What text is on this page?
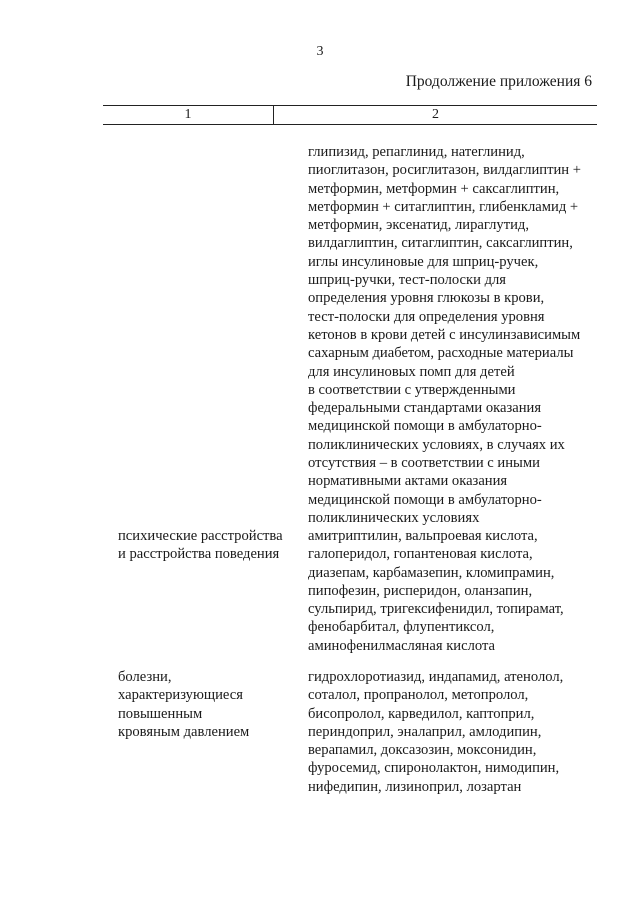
3
Продолжение приложения 6
1	2
глипизид, репаглинид, натеглинид,
пиоглитазон, росиглитазон, вилдаглиптин +
метформин, метформин + саксаглиптин,
метформин + ситаглиптин, глибенкламид +
метформин, эксенатид, лираглутид,
вилдаглиптин, ситаглиптин, саксаглиптин,
иглы инсулиновые для шприц-ручек,
шприц-ручки, тест-полоски для
определения уровня глюкозы в крови,
тест-полоски для определения уровня
кетонов в крови детей с инсулинзависимым
сахарным диабетом, расходные материалы
для инсулиновых помп для детей
в соответствии с утвержденными
федеральными стандартами оказания
медицинской помощи в амбулаторно-
поликлинических условиях, в случаях их
отсутствия – в соответствии с иными
нормативными актами оказания
медицинской помощи в амбулаторно-
поликлинических условиях
психические расстройства
и расстройства поведения
амитриптилин, вальпроевая кислота,
галоперидол, гопантеновая кислота,
диазепам, карбамазепин, кломипрамин,
пипофезин, рисперидон, оланзапин,
сульпирид, тригексифенидил, топирамат,
фенобарбитал, флупентиксол,
аминофенилмасляная кислота
болезни,
характеризующиеся
повышенным
кровяным давлением
гидрохлоротиазид, индапамид, атенолол,
соталол, пропранолол, метопролол,
бисопролол, карведилол, каптоприл,
периндоприл, эналаприл, амлодипин,
верапамил, доксазозин, моксонидин,
фуросемид, спиронолактон, нимодипин,
нифедипин, лизиноприл, лозартан
